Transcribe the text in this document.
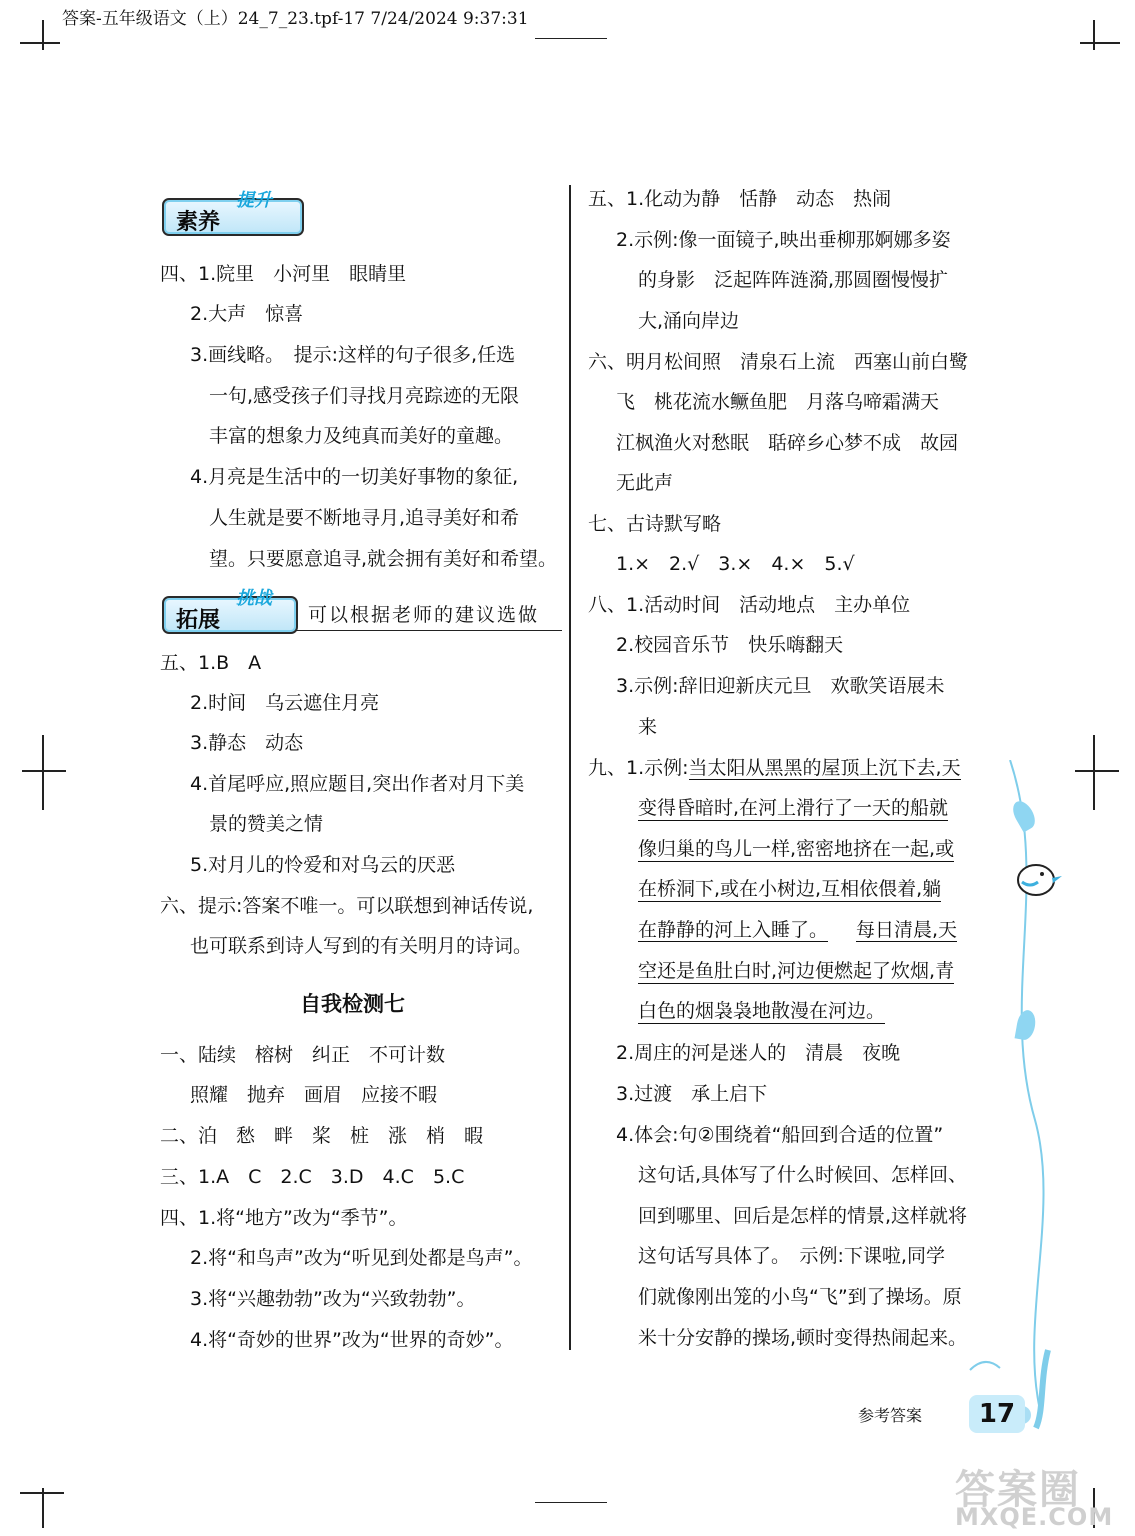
答案-五年级语文（上）24_7_23.tpf-17 7/24/2024 9:37:31
素养
提升
四、1.院里　小河里　眼睛里
2.大声　惊喜
3.画线略。　提示:这样的句子很多,任选
一句,感受孩子们寻找月亮踪迹的无限
丰富的想象力及纯真而美好的童趣。
4.月亮是生活中的一切美好事物的象征,
人生就是要不断地寻月,追寻美好和希
望。只要愿意追寻,就会拥有美好和希望。
拓展
挑战
可以根据老师的建议选做
五、1.B　A
2.时间　乌云遮住月亮
3.静态　动态
4.首尾呼应,照应题目,突出作者对月下美
景的赞美之情
5.对月儿的怜爱和对乌云的厌恶
六、提示:答案不唯一。可以联想到神话传说,
也可联系到诗人写到的有关明月的诗词。
自我检测七
一、陆续　榕树　纠正　不可计数
照耀　抛弃　画眉　应接不暇
二、泊　愁　畔　桨　桩　涨　梢　暇
三、1.A　C　2.C　3.D　4.C　5.C
四、1.将“地方”改为“季节”。
2.将“和鸟声”改为“听见到处都是鸟声”。
3.将“兴趣勃勃”改为“兴致勃勃”。
4.将“奇妙的世界”改为“世界的奇妙”。
五、1.化动为静　恬静　动态　热闹
2.示例:像一面镜子,映出垂柳那婀娜多姿
的身影　泛起阵阵涟漪,那圆圈慢慢扩
大,涌向岸边
六、明月松间照　清泉石上流　西塞山前白鹭
飞　桃花流水鳜鱼肥　月落乌啼霜满天
江枫渔火对愁眠　聒碎乡心梦不成　故园
无此声
七、古诗默写略
1.×　2.√　3.×　4.×　5.√
八、1.活动时间　活动地点　主办单位
2.校园音乐节　快乐嗨翻天
3.示例:辞旧迎新庆元旦　欢歌笑语展未
来
九、1.示例:当太阳从黑黑的屋顶上沉下去,天
变得昏暗时,在河上滑行了一天的船就
像归巢的鸟儿一样,密密地挤在一起,或
在桥洞下,或在小树边,互相依偎着,躺
在静静的河上入睡了。 每日清晨,天
空还是鱼肚白时,河边便燃起了炊烟,青
白色的烟袅袅地散漫在河边。
2.周庄的河是迷人的　清晨　夜晚
3.过渡　承上启下
4.体会:句②围绕着“船回到合适的位置”
这句话,具体写了什么时候回、怎样回、
回到哪里、回后是怎样的情景,这样就将
这句话写具体了。　示例:下课啦,同学
们就像刚出笼的小鸟“飞”到了操场。原
米十分安静的操场,顿时变得热闹起来。
参考答案	17
答案圈
MXQE.COM
